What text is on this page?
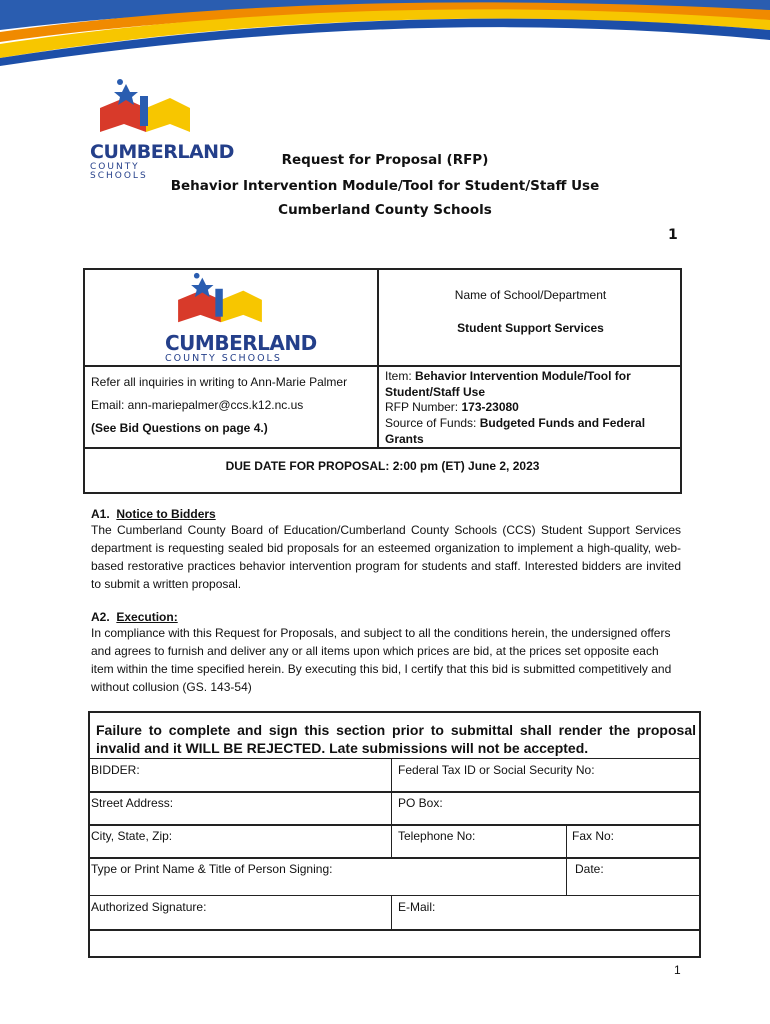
CUMBERLAND
COUNTY SCHOOLS
Request for Proposal (RFP)
Behavior Intervention Module/Tool for Student/Staff Use
Cumberland County Schools
1
CUMBERLAND
COUNTY SCHOOLS
Name of School/Department
Student Support Services
Refer all inquiries in writing to Ann-Marie Palmer
Email: ann-mariepalmer@ccs.k12.nc.us
(See Bid Questions on page 4.)
Item: Behavior Intervention Module/Tool for Student/Staff Use
RFP Number: 173-23080
Source of Funds: Budgeted Funds and Federal Grants
DUE DATE FOR PROPOSAL: 2:00 pm (ET) June 2, 2023
A1. Notice to Bidders
The Cumberland County Board of Education/Cumberland County Schools (CCS) Student Support Services department is requesting sealed bid proposals for an esteemed organization to implement a high-quality, web-based restorative practices behavior intervention program for students and staff. Interested bidders are invited to submit a written proposal.
A2. Execution:
In compliance with this Request for Proposals, and subject to all the conditions herein, the undersigned offers and agrees to furnish and deliver any or all items upon which prices are bid, at the prices set opposite each item within the time specified herein. By executing this bid, I certify that this bid is submitted competitively and without collusion (GS. 143-54)
Failure to complete and sign this section prior to submittal shall render the proposal invalid and it WILL BE REJECTED. Late submissions will not be accepted.
BIDDER:	Federal Tax ID or Social Security No:
Street Address:	PO Box:
City, State, Zip:	Telephone No:	Fax No:
Type or Print Name & Title of Person Signing:	Date:
Authorized Signature:	E-Mail:
1
